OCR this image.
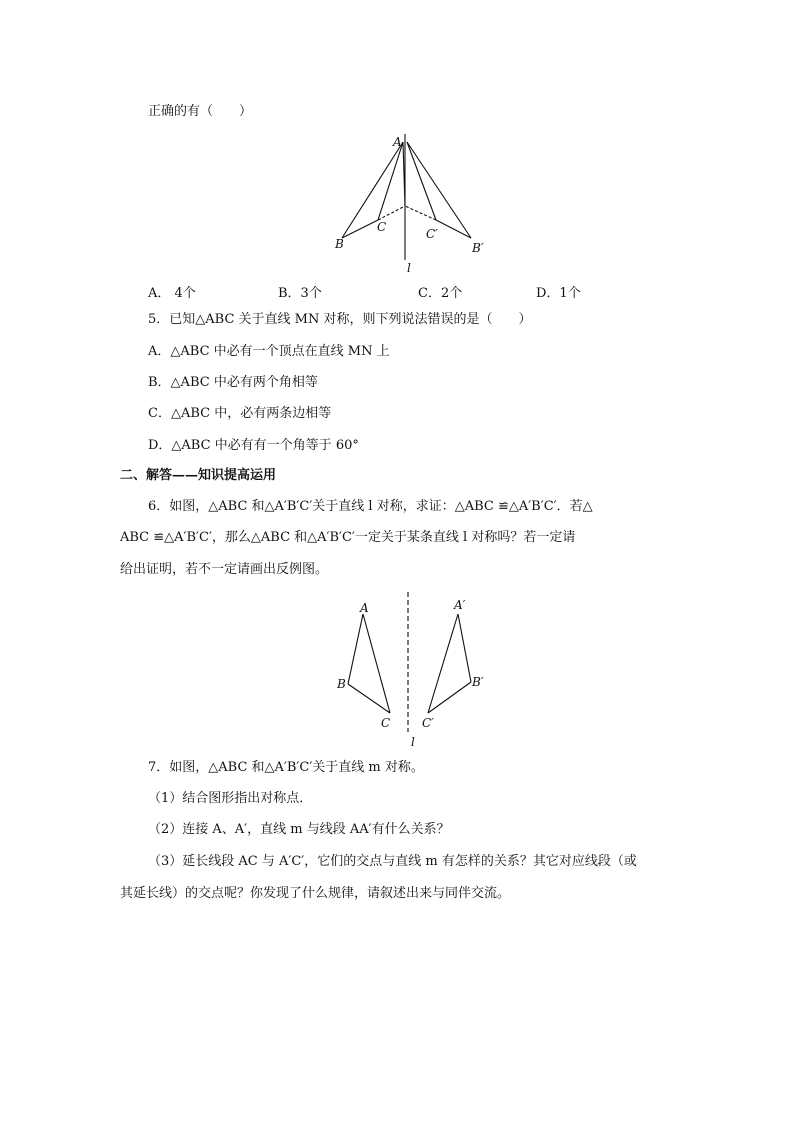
正确的有（　　）
A
B
C	C′
B′
l
A． 4个	B．3个	C．2个	D．1个
5．已知△ABC 关于直线 MN 对称，则下列说法错误的是（　　）
A．△ABC 中必有一个顶点在直线 MN 上
B．△ABC 中必有两个角相等
C．△ABC 中，必有两条边相等
D．△ABC 中必有有一个角等于 60°
二、解答——知识提高运用
6．如图，△ABC 和△A′B′C′关于直线 l 对称，求证：△ABC ≌△A′B′C′．若△
ABC ≌△A′B′C′，那么△ABC 和△A′B′C′一定关于某条直线 l 对称吗？若一定请
给出证明，若不一定请画出反例图。
A
B
C
A′
B′
C′
l
7．如图，△ABC 和△A′B′C′关于直线 m 对称。
（1）结合图形指出对称点．
（2）连接 A、A′，直线 m 与线段 AA′有什么关系？
（3）延长线段 AC 与 A′C′，它们的交点与直线 m 有怎样的关系？其它对应线段（或
其延长线）的交点呢？你发现了什么规律，请叙述出来与同伴交流。
